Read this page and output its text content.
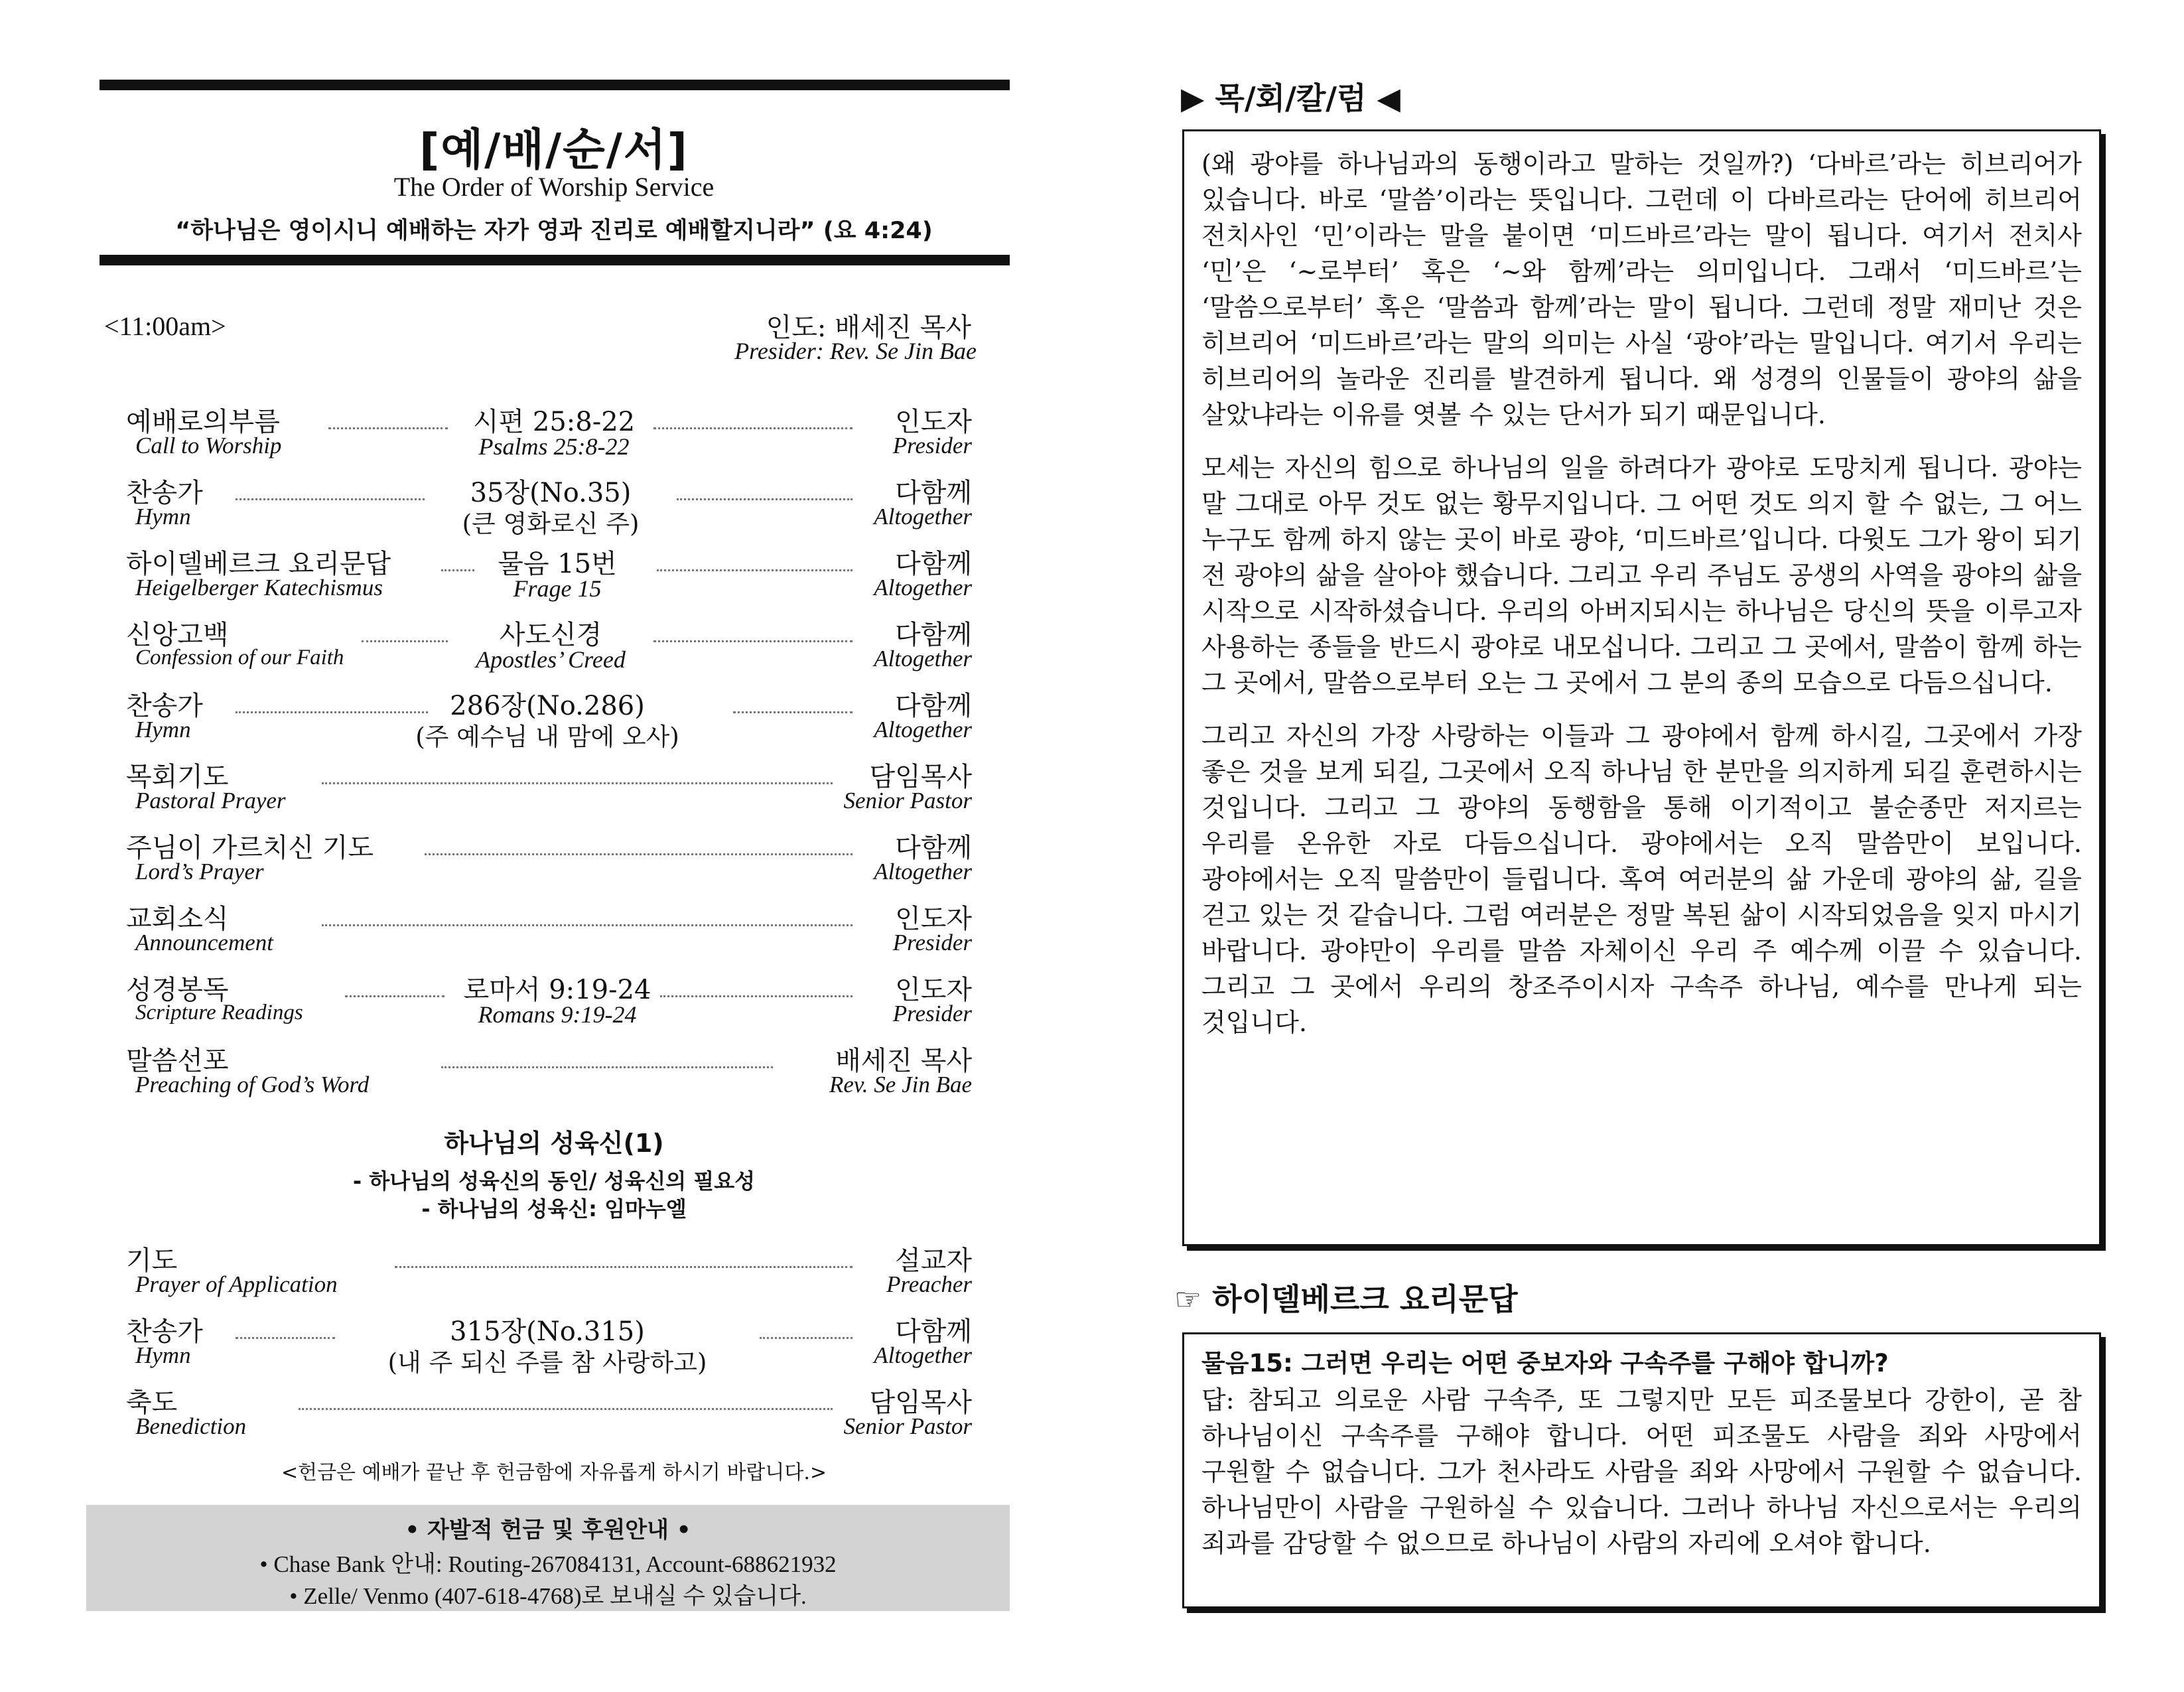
[예/배/순/서]
The Order of Worship Service
“하나님은 영이시니 예배하는 자가 영과 진리로 예배할지니라” (요 4:24)
<11:00am>	인도: 배세진 목사
Presider: Rev. Se Jin Bae
예배로의부름
Call to Worship
시편 25:8-22
Psalms 25:8-22
인도자
Presider
찬송가
Hymn
35장(No.35)
(큰 영화로신 주)
다함께
Altogether
하이델베르크 요리문답
Heigelberger Katechismus
물음 15번
Frage 15
다함께
Altogether
신앙고백
Confession of our Faith
사도신경
Apostles’ Creed
다함께
Altogether
찬송가
Hymn
286장(No.286)
(주 예수님 내 맘에 오사)
다함께
Altogether
목회기도
Pastoral Prayer
담임목사
Senior Pastor
주님이 가르치신 기도
Lord’s Prayer
다함께
Altogether
교회소식
Announcement
인도자
Presider
성경봉독
Scripture Readings
로마서 9:19-24
Romans 9:19-24
인도자
Presider
말씀선포
Preaching of God’s Word
배세진 목사
Rev. Se Jin Bae
하나님의 성육신(1)
- 하나님의 성육신의 동인/ 성육신의 필요성
- 하나님의 성육신: 임마누엘
기도
Prayer of Application
설교자
Preacher
찬송가
Hymn
315장(No.315)
(내 주 되신 주를 참 사랑하고)
다함께
Altogether
축도
Benediction
담임목사
Senior Pastor
<헌금은 예배가 끝난 후 헌금함에 자유롭게 하시기 바랍니다.>
• 자발적 헌금 및 후원안내 •
• Chase Bank 안내: Routing-267084131, Account-688621932
• Zelle/ Venmo (407-618-4768)로 보내실 수 있습니다.
▶ 목/회/칼/럼 ◀

(왜 광야를 하나님과의 동행이라고 말하는 것일까?) ‘다바르’라는 히브리어가 있습니다. 바로 ‘말씀’이라는 뜻입니다. 그런데 이 다바르라는 단어에 히브리어 전치사인 ‘민’이라는 말을 붙이면 ‘미드바르’라는 말이 됩니다. 여기서 전치사 ‘민’은 ‘~로부터’ 혹은 ‘~와 함께’라는 의미입니다. 그래서 ‘미드바르’는 ‘말씀으로부터’ 혹은 ‘말씀과 함께’라는 말이 됩니다. 그런데 정말 재미난 것은 히브리어 ‘미드바르’라는 말의 의미는 사실 ‘광야’라는 말입니다. 여기서 우리는 히브리어의 놀라운 진리를 발견하게 됩니다. 왜 성경의 인물들이 광야의 삶을 살았냐라는 이유를 엿볼 수 있는 단서가 되기 때문입니다.

모세는 자신의 힘으로 하나님의 일을 하려다가 광야로 도망치게 됩니다. 광야는 말 그대로 아무 것도 없는 황무지입니다. 그 어떤 것도 의지 할 수 없는, 그 어느 누구도 함께 하지 않는 곳이 바로 광야, ‘미드바르’입니다. 다윗도 그가 왕이 되기 전 광야의 삶을 살아야 했습니다. 그리고 우리 주님도 공생의 사역을 광야의 삶을 시작으로 시작하셨습니다. 우리의 아버지되시는 하나님은 당신의 뜻을 이루고자 사용하는 종들을 반드시 광야로 내모십니다. 그리고 그 곳에서, 말씀이 함께 하는 그 곳에서, 말씀으로부터 오는 그 곳에서 그 분의 종의 모습으로 다듬으십니다.

그리고 자신의 가장 사랑하는 이들과 그 광야에서 함께 하시길, 그곳에서 가장 좋은 것을 보게 되길, 그곳에서 오직 하나님 한 분만을 의지하게 되길 훈련하시는 것입니다. 그리고 그 광야의 동행함을 통해 이기적이고 불순종만 저지르는 우리를 온유한 자로 다듬으십니다. 광야에서는 오직 말씀만이 보입니다. 광야에서는 오직 말씀만이 들립니다. 혹여 여러분의 삶 가운데 광야의 삶, 길을 걷고 있는 것 같습니다. 그럼 여러분은 정말 복된 삶이 시작되었음을 잊지 마시기 바랍니다. 광야만이 우리를 말씀 자체이신 우리 주 예수께 이끌 수 있습니다. 그리고 그 곳에서 우리의 창조주이시자 구속주 하나님, 예수를 만나게 되는 것입니다.

☞ 하이델베르크 요리문답
물음15: 그러면 우리는 어떤 중보자와 구속주를 구해야 합니까?

답: 참되고 의로운 사람 구속주, 또 그렇지만 모든 피조물보다 강한이, 곧 참 하나님이신 구속주를 구해야 합니다. 어떤 피조물도 사람을 죄와 사망에서 구원할 수 없습니다. 그가 천사라도 사람을 죄와 사망에서 구원할 수 없습니다. 하나님만이 사람을 구원하실 수 있습니다. 그러나 하나님 자신으로서는 우리의 죄과를 감당할 수 없으므로 하나님이 사람의 자리에 오셔야 합니다.
